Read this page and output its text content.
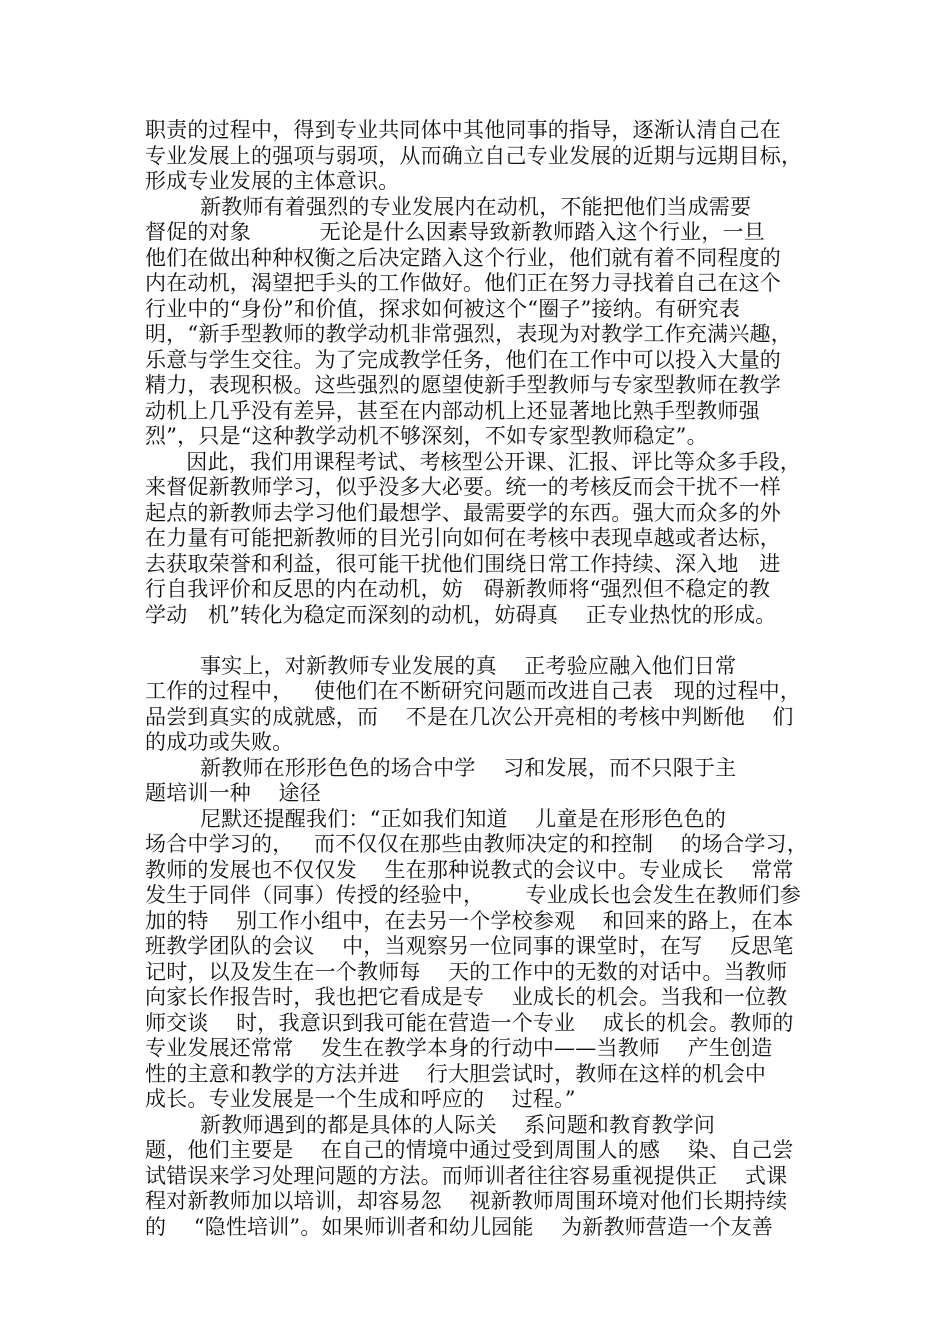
职责的过程中，得到专业共同体中其他同事的指导，逐渐认清自己在
专业发展上的强项与弱项，从而确立自己专业发展的近期与远期目标，
形成专业发展的主体意识。
新教师有着强烈的专业发展内在动机，不能把他们当成需要
督促的对象          无论是什么因素导致新教师踏入这个行业，一旦
他们在做出种种权衡之后决定踏入这个行业，他们就有着不同程度的
内在动机，渴望把手头的工作做好。他们正在努力寻找着自己在这个
行业中的“身份”和价值，探求如何被这个“圈子”接纳。有研究表
明，“新手型教师的教学动机非常强烈，表现为对教学工作充满兴趣，
乐意与学生交往。为了完成教学任务，他们在工作中可以投入大量的
精力，表现积极。这些强烈的愿望使新手型教师与专家型教师在教学
动机上几乎没有差异，甚至在内部动机上还显著地比熟手型教师强
烈”，只是“这种教学动机不够深刻，不如专家型教师稳定”。
因此，我们用课程考试、考核型公开课、汇报、评比等众多手段，
来督促新教师学习，似乎没多大必要。统一的考核反而会干扰不一样
起点的新教师去学习他们最想学、最需要学的东西。强大而众多的外
在力量有可能把新教师的目光引向如何在考核中表现卓越或者达标，
去获取荣誉和利益，很可能干扰他们围绕日常工作持续、深入地   进
行自我评价和反思的内在动机，妨   碍新教师将“强烈但不稳定的教
学动   机”转化为稳定而深刻的动机，妨碍真    正专业热忱的形成。
事实上，对新教师专业发展的真    正考验应融入他们日常
工作的过程中，   使他们在不断研究问题而改进自己表   现的过程中，
品尝到真实的成就感，而    不是在几次公开亮相的考核中判断他    们
的成功或失败。
新教师在形形色色的场合中学    习和发展，而不只限于主
题培训一种    途径
尼默还提醒我们：“正如我们知道    儿童是在形形色色的
场合中学习的，   而不仅仅在那些由教师决定的和控制    的场合学习，
教师的发展也不仅仅发    生在那种说教式的会议中。专业成长    常常
发生于同伴（同事）传授的经验中，      专业成长也会发生在教师们参
加的特    别工作小组中，在去另一个学校参观    和回来的路上，在本
班教学团队的会议    中，当观察另一位同事的课堂时，在写    反思笔
记时，以及发生在一个教师每    天的工作中的无数的对话中。当教师
向家长作报告时，我也把它看成是专    业成长的机会。当我和一位教
师交谈    时，我意识到我可能在营造一个专业    成长的机会。教师的
专业发展还常常    发生在教学本身的行动中——当教师    产生创造
性的主意和教学的方法并进    行大胆尝试时，教师在这样的机会中
成长。专业发展是一个生成和呼应的    过程。”
新教师遇到的都是具体的人际关    系问题和教育教学问
题，他们主要是    在自己的情境中通过受到周围人的感    染、自己尝
试错误来学习处理问题的方法。而师训者往往容易重视提供正    式课
程对新教师加以培训，却容易忽    视新教师周围环境对他们长期持续
的    “隐性培训”。如果师训者和幼儿园能    为新教师营造一个友善
